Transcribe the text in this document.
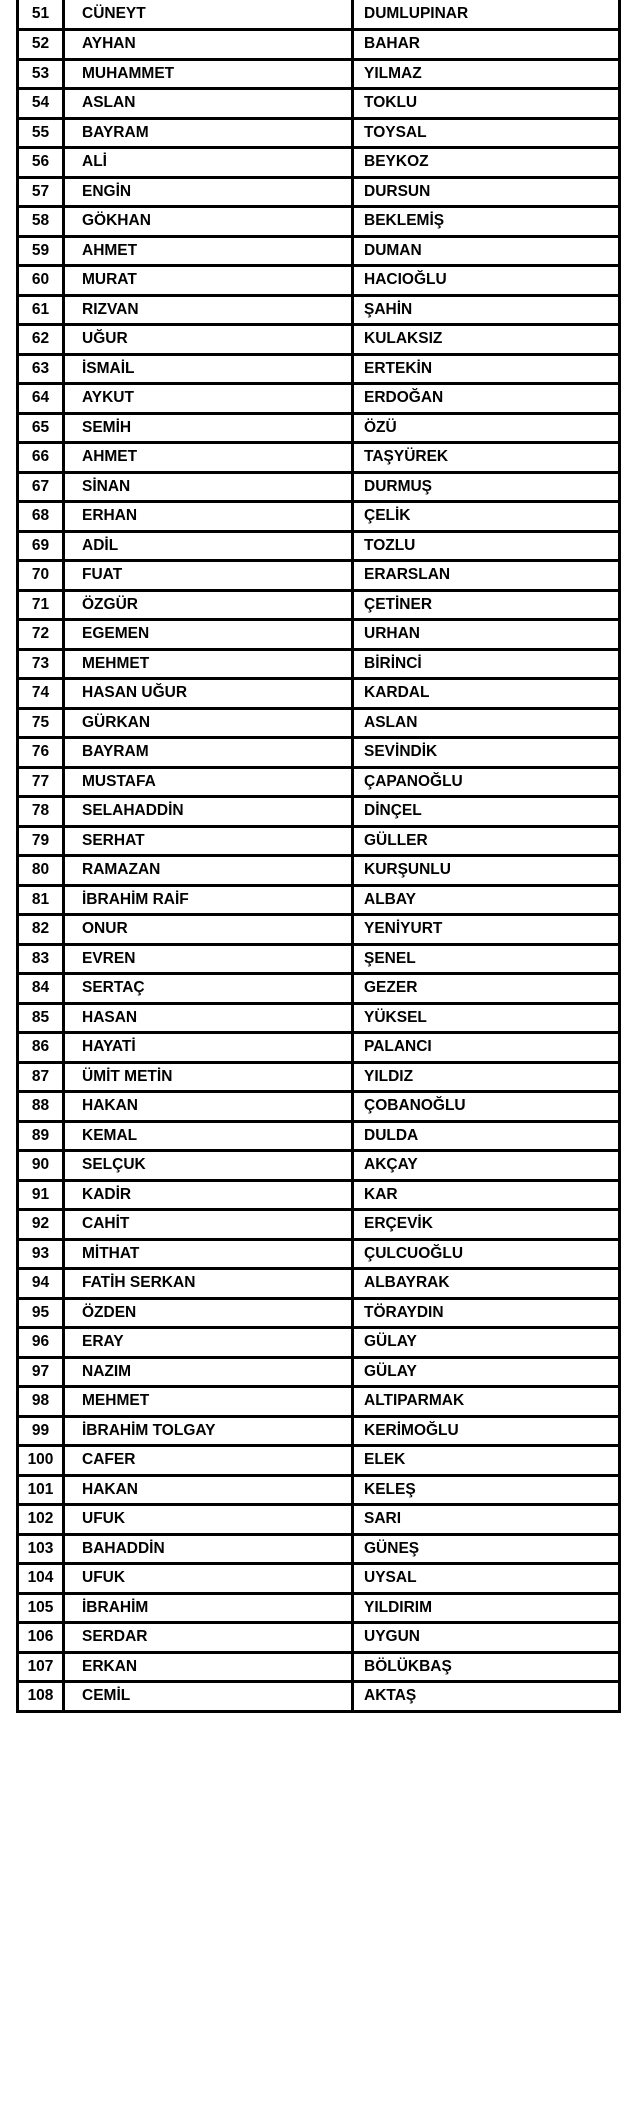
51	CÜNEYT	DUMLUPINAR
52	AYHAN	BAHAR
53	MUHAMMET	YILMAZ
54	ASLAN	TOKLU
55	BAYRAM	TOYSAL
56	ALİ	BEYKOZ
57	ENGİN	DURSUN
58	GÖKHAN	BEKLEMİŞ
59	AHMET	DUMAN
60	MURAT	HACIOĞLU
61	RIZVAN	ŞAHİN
62	UĞUR	KULAKSIZ
63	İSMAİL	ERTEKİN
64	AYKUT	ERDOĞAN
65	SEMİH	ÖZÜ
66	AHMET	TAŞYÜREK
67	SİNAN	DURMUŞ
68	ERHAN	ÇELİK
69	ADİL	TOZLU
70	FUAT	ERARSLAN
71	ÖZGÜR	ÇETİNER
72	EGEMEN	URHAN
73	MEHMET	BİRİNCİ
74	HASAN UĞUR	KARDAL
75	GÜRKAN	ASLAN
76	BAYRAM	SEVİNDİK
77	MUSTAFA	ÇAPANOĞLU
78	SELAHADDİN	DİNÇEL
79	SERHAT	GÜLLER
80	RAMAZAN	KURŞUNLU
81	İBRAHİM RAİF	ALBAY
82	ONUR	YENİYURT
83	EVREN	ŞENEL
84	SERTAÇ	GEZER
85	HASAN	YÜKSEL
86	HAYATİ	PALANCI
87	ÜMİT METİN	YILDIZ
88	HAKAN	ÇOBANOĞLU
89	KEMAL	DULDA
90	SELÇUK	AKÇAY
91	KADİR	KAR
92	CAHİT	ERÇEVİK
93	MİTHAT	ÇULCUOĞLU
94	FATİH SERKAN	ALBAYRAK
95	ÖZDEN	TÖRAYDIN
96	ERAY	GÜLAY
97	NAZIM	GÜLAY
98	MEHMET	ALTIPARMAK
99	İBRAHİM TOLGAY	KERİMOĞLU
100	CAFER	ELEK
101	HAKAN	KELEŞ
102	UFUK	SARI
103	BAHADDİN	GÜNEŞ
104	UFUK	UYSAL
105	İBRAHİM	YILDIRIM
106	SERDAR	UYGUN
107	ERKAN	BÖLÜKBAŞ
108	CEMİL	AKTAŞ
